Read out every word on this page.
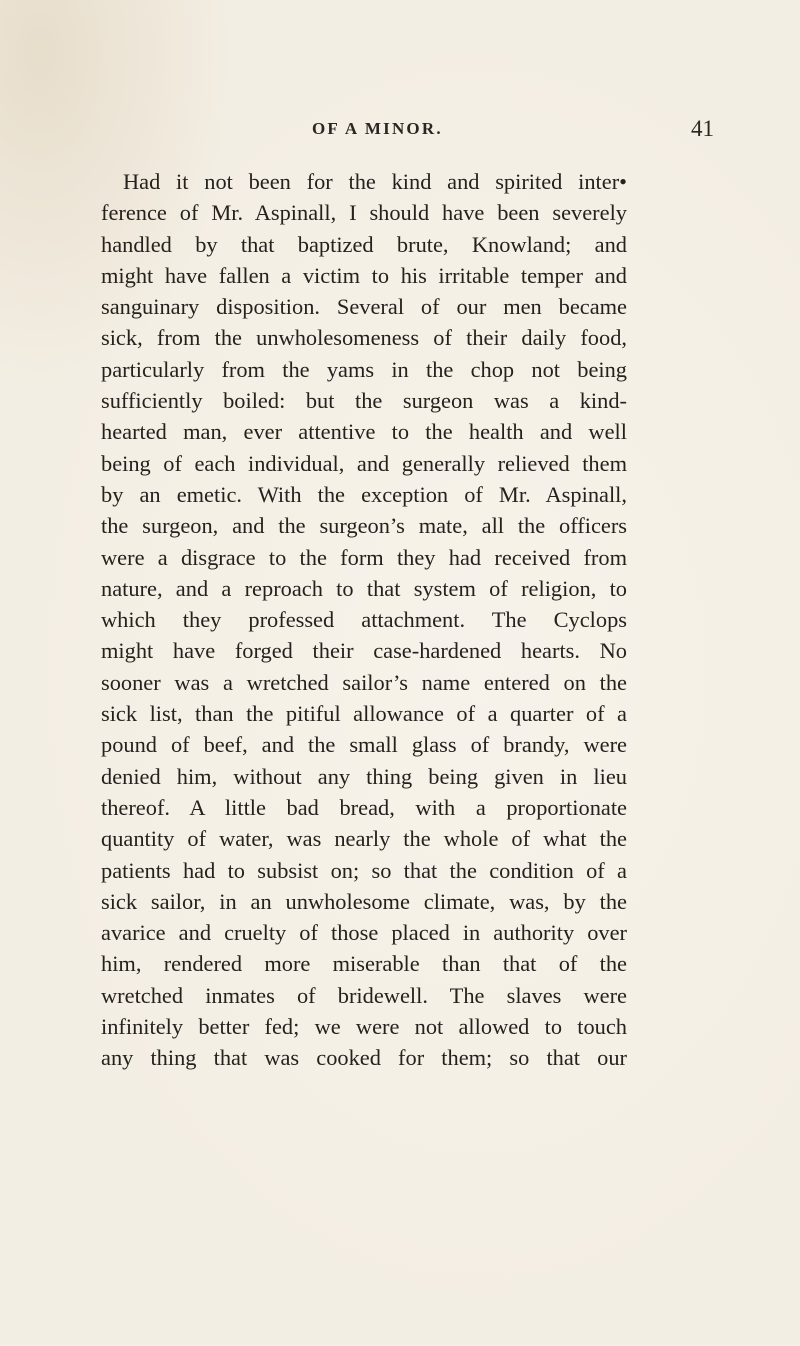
OF A MINOR.	41
Had it not been for the kind and spirited inter•
ference of Mr. Aspinall, I should have been severely
handled by that baptized brute, Knowland; and
might have fallen a victim to his irritable temper and
sanguinary disposition. Several of our men became
sick, from the unwholesomeness of their daily food,
particularly from the yams in the chop not being
sufficiently boiled: but the surgeon was a kind-
hearted man, ever attentive to the health and well
being of each individual, and generally relieved them
by an emetic. With the exception of Mr. Aspinall,
the surgeon, and the surgeon’s mate, all the officers
were a disgrace to the form they had received from
nature, and a reproach to that system of religion, to
which they professed attachment. The Cyclops
might have forged their case-hardened hearts. No
sooner was a wretched sailor’s name entered on the
sick list, than the pitiful allowance of a quarter of a
pound of beef, and the small glass of brandy, were
denied him, without any thing being given in lieu
thereof. A little bad bread, with a proportionate
quantity of water, was nearly the whole of what the
patients had to subsist on; so that the condition of a
sick sailor, in an unwholesome climate, was, by the
avarice and cruelty of those placed in authority over
him, rendered more miserable than that of the
wretched inmates of bridewell. The slaves were
infinitely better fed; we were not allowed to touch
any thing that was cooked for them; so that our
